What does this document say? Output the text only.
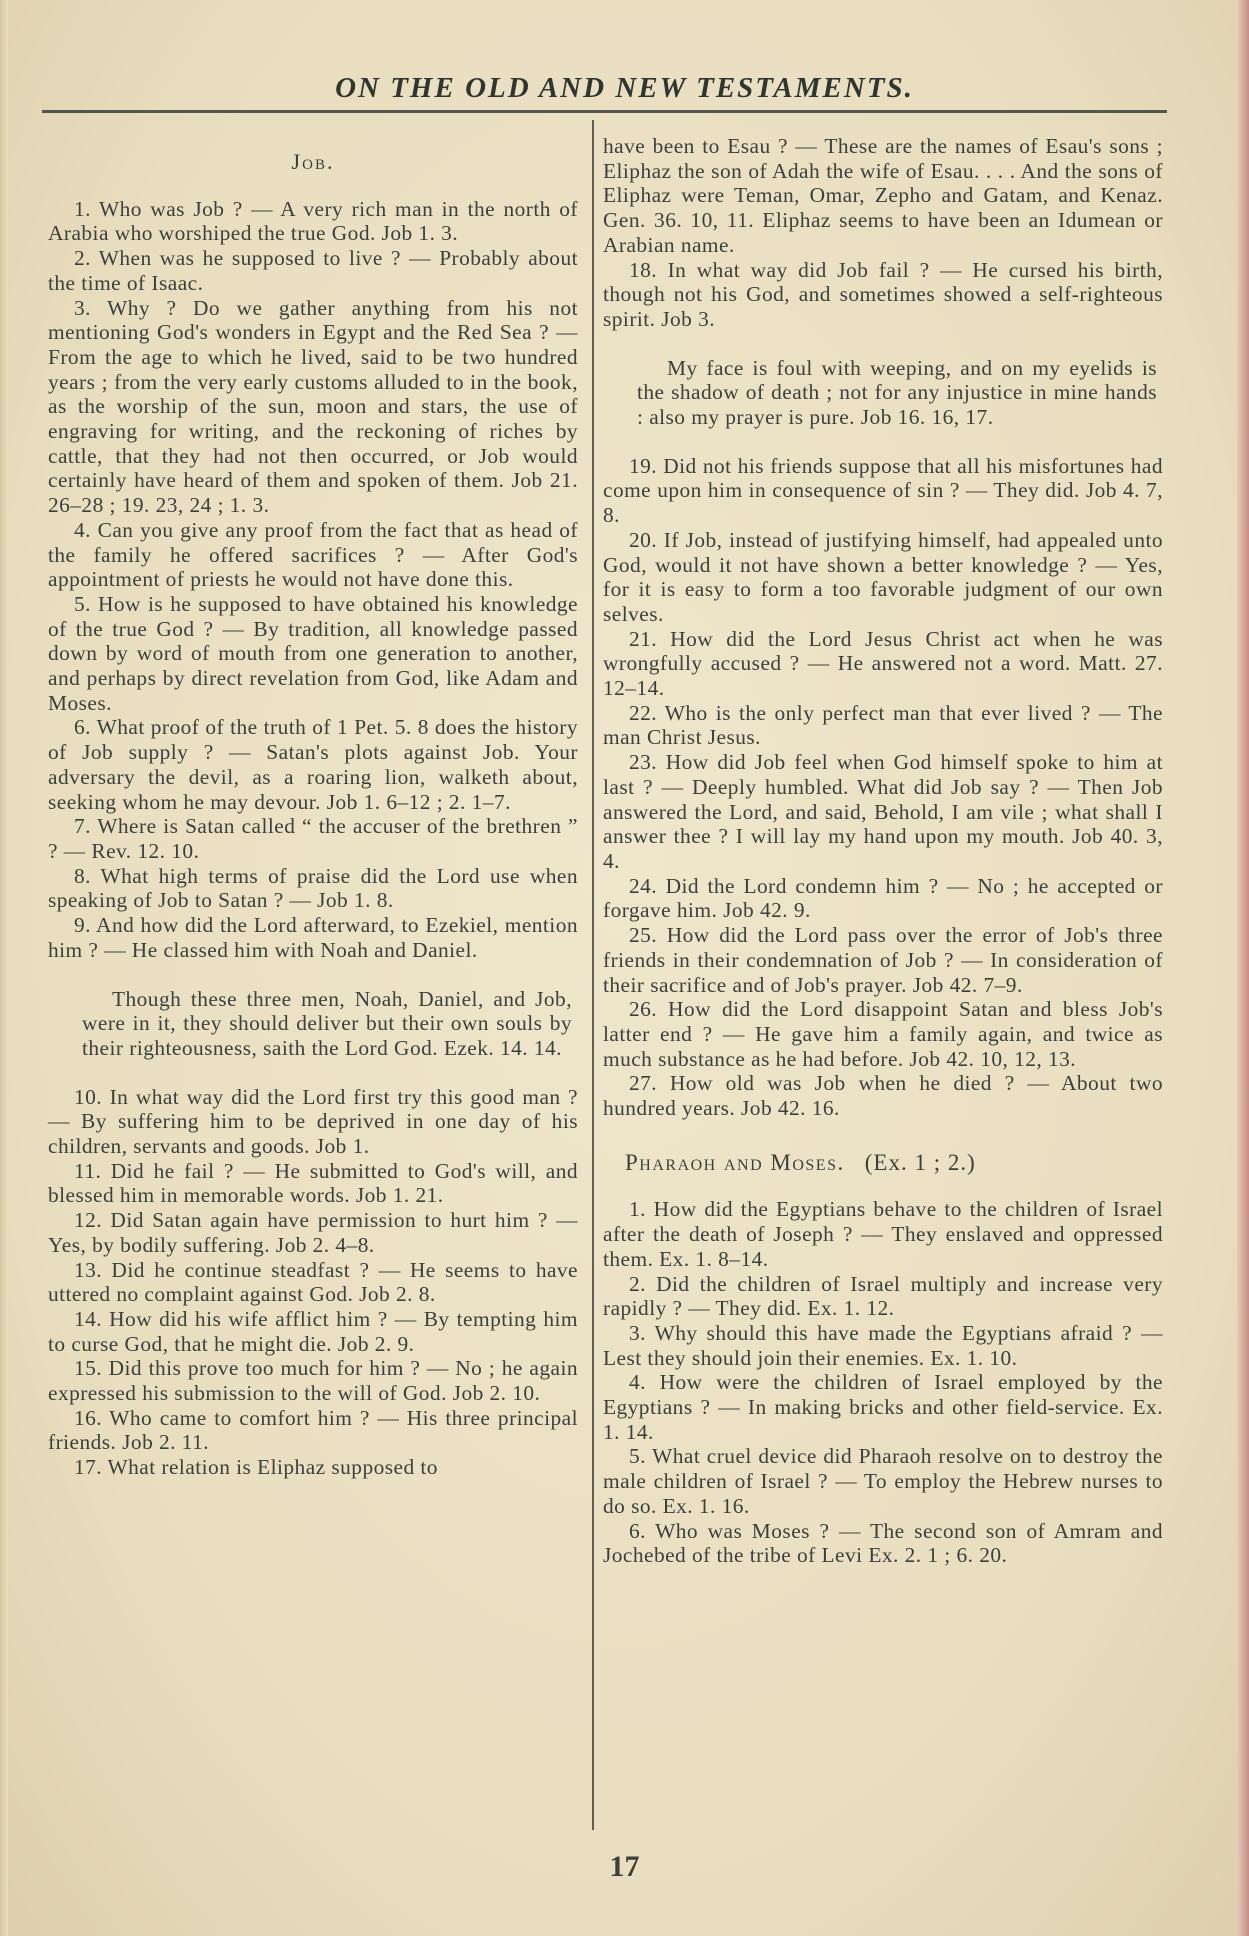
ON THE OLD AND NEW TESTAMENTS.
Job.

1. Who was Job ? — A very rich man in the north of Arabia who worshiped the true God. Job 1. 3.

2. When was he supposed to live ? — Probably about the time of Isaac.

3. Why ? Do we gather anything from his not mentioning God's wonders in Egypt and the Red Sea ? — From the age to which he lived, said to be two hundred years ; from the very early customs alluded to in the book, as the worship of the sun, moon and stars, the use of engraving for writing, and the reckoning of riches by cattle, that they had not then occurred, or Job would certainly have heard of them and spoken of them. Job 21. 26–28 ; 19. 23, 24 ; 1. 3.

4. Can you give any proof from the fact that as head of the family he offered sacrifices ? — After God's appointment of priests he would not have done this.

5. How is he supposed to have obtained his knowledge of the true God ? — By tradition, all knowledge passed down by word of mouth from one generation to another, and perhaps by direct revelation from God, like Adam and Moses.

6. What proof of the truth of 1 Pet. 5. 8 does the history of Job supply ? — Satan's plots against Job. Your adversary the devil, as a roaring lion, walketh about, seeking whom he may devour. Job 1. 6–12 ; 2. 1–7.

7. Where is Satan called “ the accuser of the brethren ” ? — Rev. 12. 10.

8. What high terms of praise did the Lord use when speaking of Job to Satan ? — Job 1. 8.

9. And how did the Lord afterward, to Ezekiel, mention him ? — He classed him with Noah and Daniel.

Though these three men, Noah, Daniel, and Job, were in it, they should deliver but their own souls by their righteousness, saith the Lord God. Ezek. 14. 14.

10. In what way did the Lord first try this good man ? — By suffering him to be deprived in one day of his children, servants and goods. Job 1.

11. Did he fail ? — He submitted to God's will, and blessed him in memorable words. Job 1. 21.

12. Did Satan again have permission to hurt him ? — Yes, by bodily suffering. Job 2. 4–8.

13. Did he continue steadfast ? — He seems to have uttered no complaint against God. Job 2. 8.

14. How did his wife afflict him ? — By tempting him to curse God, that he might die. Job 2. 9.

15. Did this prove too much for him ? — No ; he again expressed his submission to the will of God. Job 2. 10.

16. Who came to comfort him ? — His three principal friends. Job 2. 11.

17. What relation is Eliphaz supposed to

have been to Esau ? — These are the names of Esau's sons ; Eliphaz the son of Adah the wife of Esau. . . . And the sons of Eliphaz were Teman, Omar, Zepho and Gatam, and Kenaz. Gen. 36. 10, 11. Eliphaz seems to have been an Idumean or Arabian name.

18. In what way did Job fail ? — He cursed his birth, though not his God, and sometimes showed a self-righteous spirit. Job 3.

My face is foul with weeping, and on my eyelids is the shadow of death ; not for any injustice in mine hands : also my prayer is pure. Job 16. 16, 17.

19. Did not his friends suppose that all his misfortunes had come upon him in consequence of sin ? — They did. Job 4. 7, 8.

20. If Job, instead of justifying himself, had appealed unto God, would it not have shown a better knowledge ? — Yes, for it is easy to form a too favorable judgment of our own selves.

21. How did the Lord Jesus Christ act when he was wrongfully accused ? — He answered not a word. Matt. 27. 12–14.

22. Who is the only perfect man that ever lived ? — The man Christ Jesus.

23. How did Job feel when God himself spoke to him at last ? — Deeply humbled. What did Job say ? — Then Job answered the Lord, and said, Behold, I am vile ; what shall I answer thee ? I will lay my hand upon my mouth. Job 40. 3, 4.

24. Did the Lord condemn him ? — No ; he accepted or forgave him. Job 42. 9.

25. How did the Lord pass over the error of Job's three friends in their condemnation of Job ? — In consideration of their sacrifice and of Job's prayer. Job 42. 7–9.

26. How did the Lord disappoint Satan and bless Job's latter end ? — He gave him a family again, and twice as much substance as he had before. Job 42. 10, 12, 13.

27. How old was Job when he died ? — About two hundred years. Job 42. 16.

Pharaoh and Moses. (Ex. 1 ; 2.)

1. How did the Egyptians behave to the children of Israel after the death of Joseph ? — They enslaved and oppressed them. Ex. 1. 8–14.

2. Did the children of Israel multiply and increase very rapidly ? — They did. Ex. 1. 12.

3. Why should this have made the Egyptians afraid ? — Lest they should join their enemies. Ex. 1. 10.

4. How were the children of Israel employed by the Egyptians ? — In making bricks and other field-service. Ex. 1. 14.

5. What cruel device did Pharaoh resolve on to destroy the male children of Israel ? — To employ the Hebrew nurses to do so. Ex. 1. 16.

6. Who was Moses ? — The second son of Amram and Jochebed of the tribe of Levi Ex. 2. 1 ; 6. 20.

17
